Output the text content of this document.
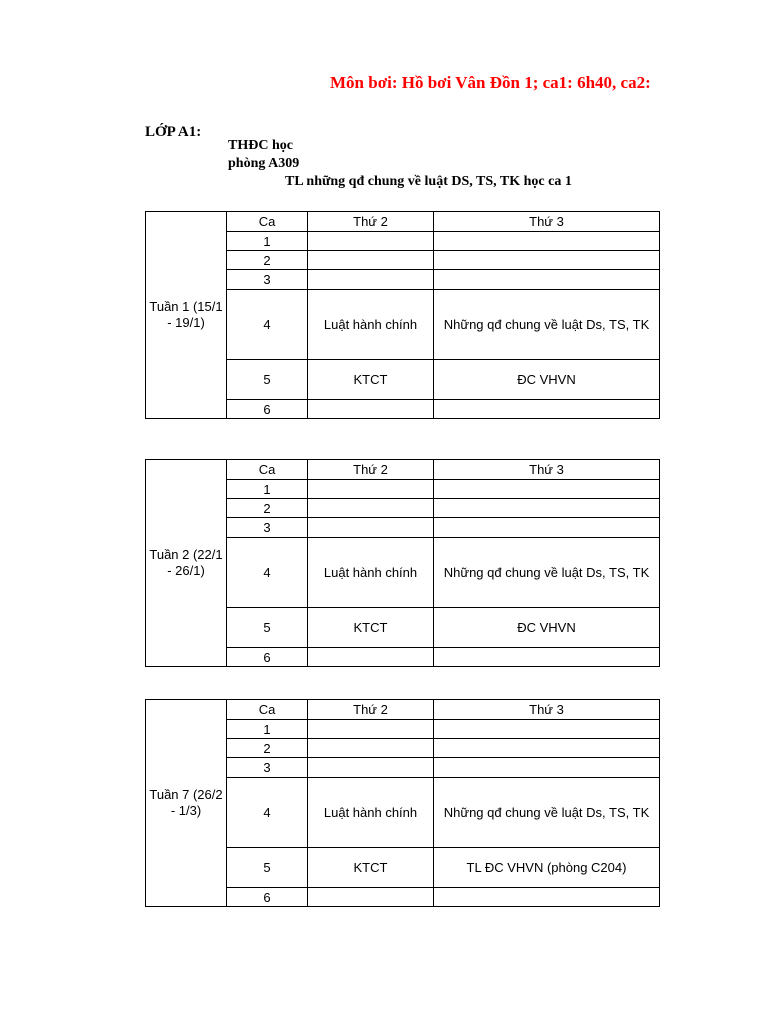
Môn bơi: Hồ bơi Vân Đồn 1; ca1: 6h40, ca2:
LỚP A1:
THĐC học
phòng A309
TL những qđ chung về luật DS, TS, TK học ca 1
Tuần 1 (15/1 - 19/1)	Ca	Thứ 2	Thứ 3
	1		
	2		
	3		
	4	Luật hành chính	Những qđ chung về luật Ds, TS, TK
	5	KTCT	ĐC VHVN
	6		
Tuần 2 (22/1 - 26/1)	Ca	Thứ 2	Thứ 3
	1		
	2		
	3		
	4	Luật hành chính	Những qđ chung về luật Ds, TS, TK
	5	KTCT	ĐC VHVN
	6		
Tuần 7 (26/2 - 1/3)	Ca	Thứ 2	Thứ 3
	1		
	2		
	3		
	4	Luật hành chính	Những qđ chung về luật Ds, TS, TK
	5	KTCT	TL ĐC VHVN (phòng C204)
	6		
